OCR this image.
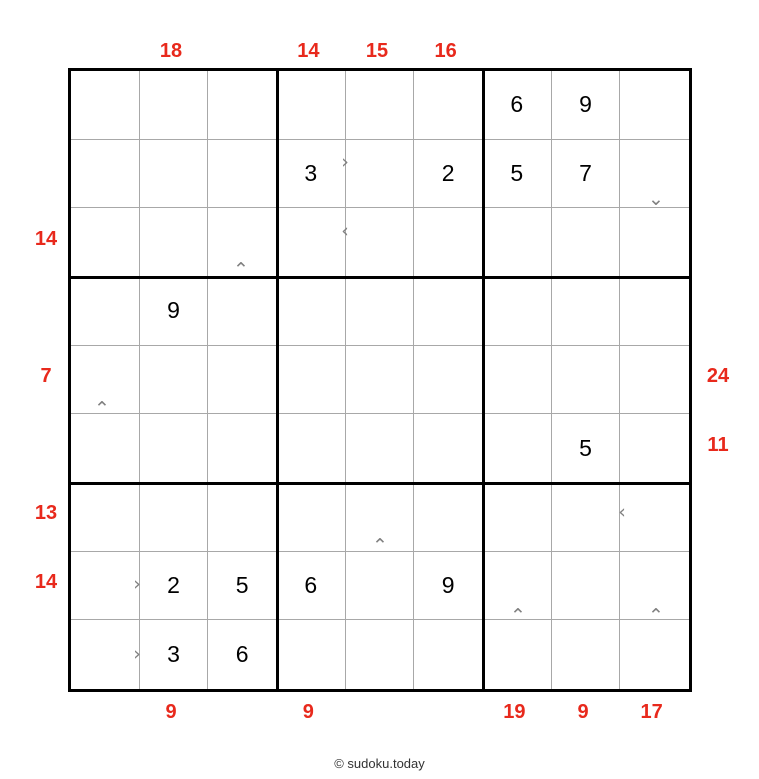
6 9
3	2 5 7
9
5
2 5 6	9
3 6
18	14	15	16
9	9	19	9	17
14
7
13
14
24
11
›
‹
⌄
⌃
⌃
‹
⌃
›
⌃	⌃
›
© sudoku.today
